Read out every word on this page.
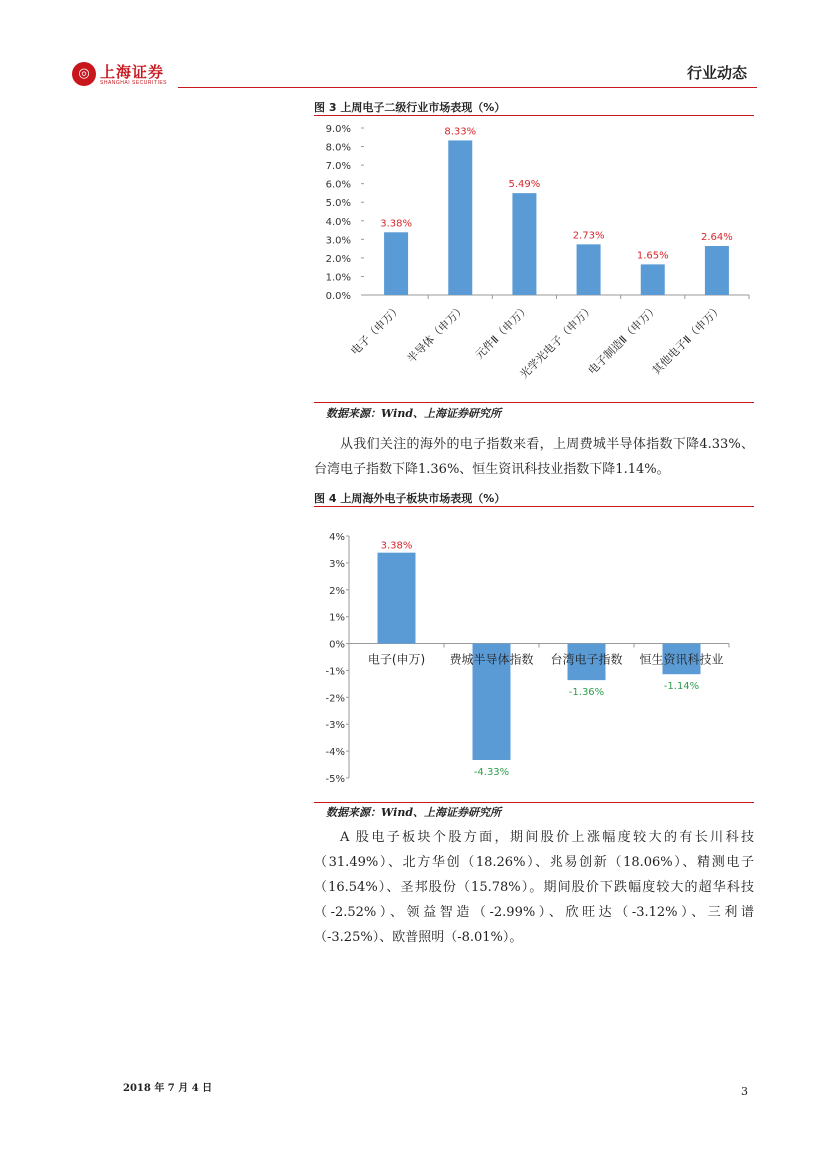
◎ 上海证券
SHANGHAI SECURITIES
行业动态
图 3 上周电子二级行业市场表现（%）
0.0%
1.0%
2.0%
3.0%
4.0%
5.0%
6.0%
7.0%
8.0%
9.0%
3.38%
电子（申万）
8.33%
半导体（申万）
5.49%
元件Ⅱ（申万）
2.73%
光学光电子（申万）
1.65%
电子制造Ⅱ（申万）
2.64%
其他电子Ⅱ（申万）
数据来源：Wind、上海证券研究所

从我们关注的海外的电子指数来看，上周费城半导体指数下降4.33%、台湾电子指数下降1.36%、恒生资讯科技业指数下降1.14%。

图 4 上周海外电子板块市场表现（%）
-5%
-4%
-3%
-2%
-1%
0%
1%
2%
3%
4%
3.38%
电子(申万)
-4.33%
费城半导体指数
-1.36%
台湾电子指数
-1.14%
恒生资讯科技业
数据来源：Wind、上海证券研究所

A 股电子板块个股方面，期间股价上涨幅度较大的有长川科技（31.49%）、北方华创（18.26%）、兆易创新（18.06%）、精测电子（16.54%）、圣邦股份（15.78%）。期间股价下跌幅度较大的超华科技（-2.52%）、领益智造（-2.99%）、欣旺达（-3.12%）、三利谱（-3.25%）、欧普照明（-8.01%）。

2018 年 7 月 4 日	3
